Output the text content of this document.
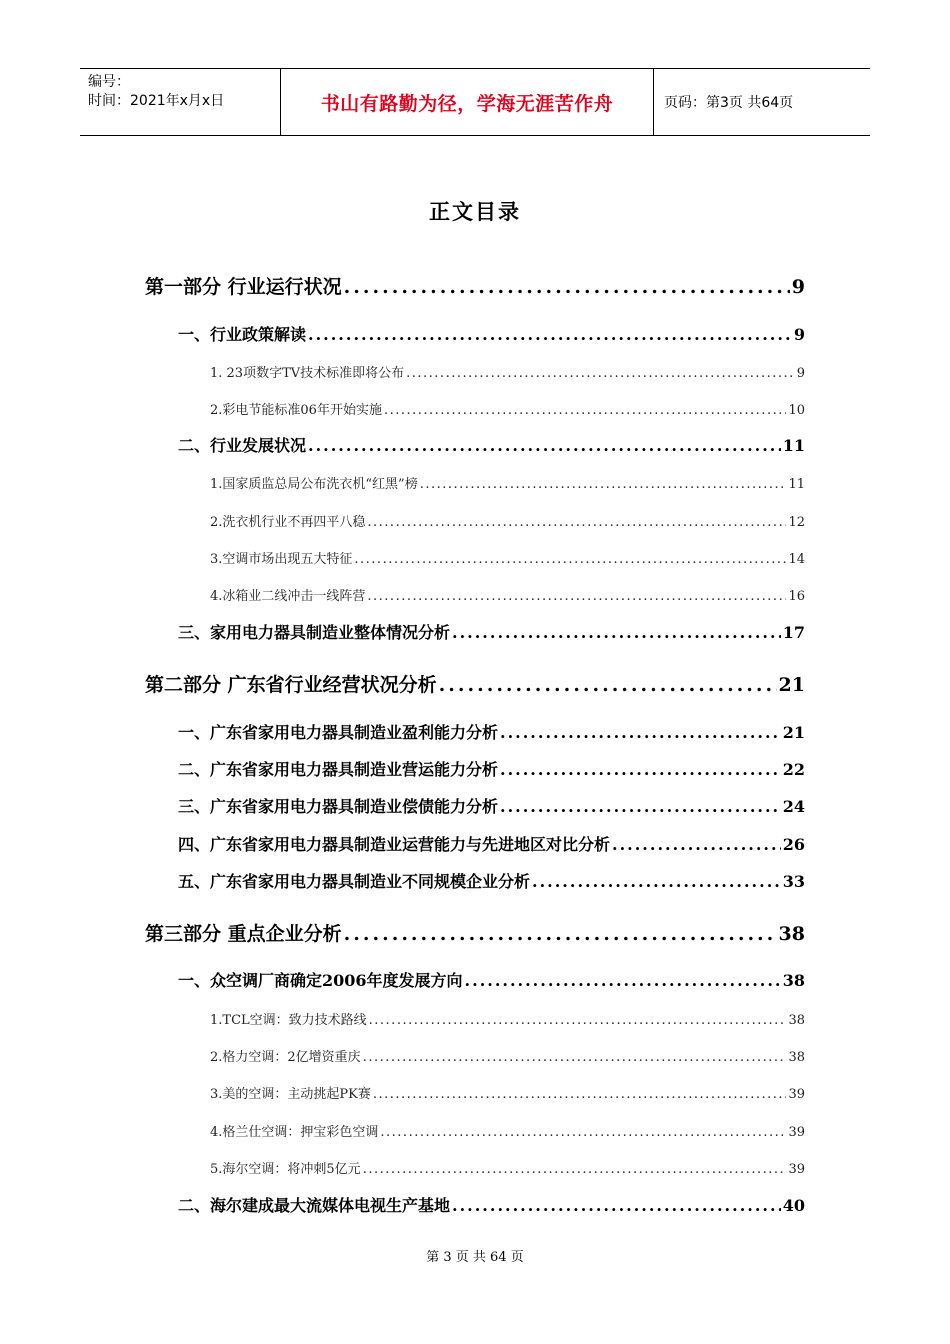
编号：
时间：2021年x月x日	书山有路勤为径，学海无涯苦作舟	页码：第3页 共64页
正文目录
第一部分 行业运行状况 .....	9
一、行业政策解读 .....	9
1. 23项数字TV技术标准即将公布 .....	9
2.彩电节能标准06年开始实施 .....	10
二、行业发展状况 .....	11
1.国家质监总局公布洗衣机“红黑”榜 .....	11
2.洗衣机行业不再四平八稳 .....	12
3.空调市场出现五大特征 .....	14
4.冰箱业二线冲击一线阵营 .....	16
三、家用电力器具制造业整体情况分析 .....	17
第二部分 广东省行业经营状况分析 .....	21
一、广东省家用电力器具制造业盈利能力分析 .....	21
二、广东省家用电力器具制造业营运能力分析 .....	22
三、广东省家用电力器具制造业偿债能力分析 .....	24
四、广东省家用电力器具制造业运营能力与先进地区对比分析 .....	26
五、广东省家用电力器具制造业不同规模企业分析 .....	33
第三部分 重点企业分析 .....	38
一、众空调厂商确定2006年度发展方向 .....	38
1.TCL空调：致力技术路线 .....	38
2.格力空调：2亿增资重庆 .....	38
3.美的空调：主动挑起PK赛 .....	39
4.格兰仕空调：押宝彩色空调 .....	39
5.海尔空调：将冲刺5亿元 .....	39
二、海尔建成最大流媒体电视生产基地 .....	40
第 3 页 共 64 页
